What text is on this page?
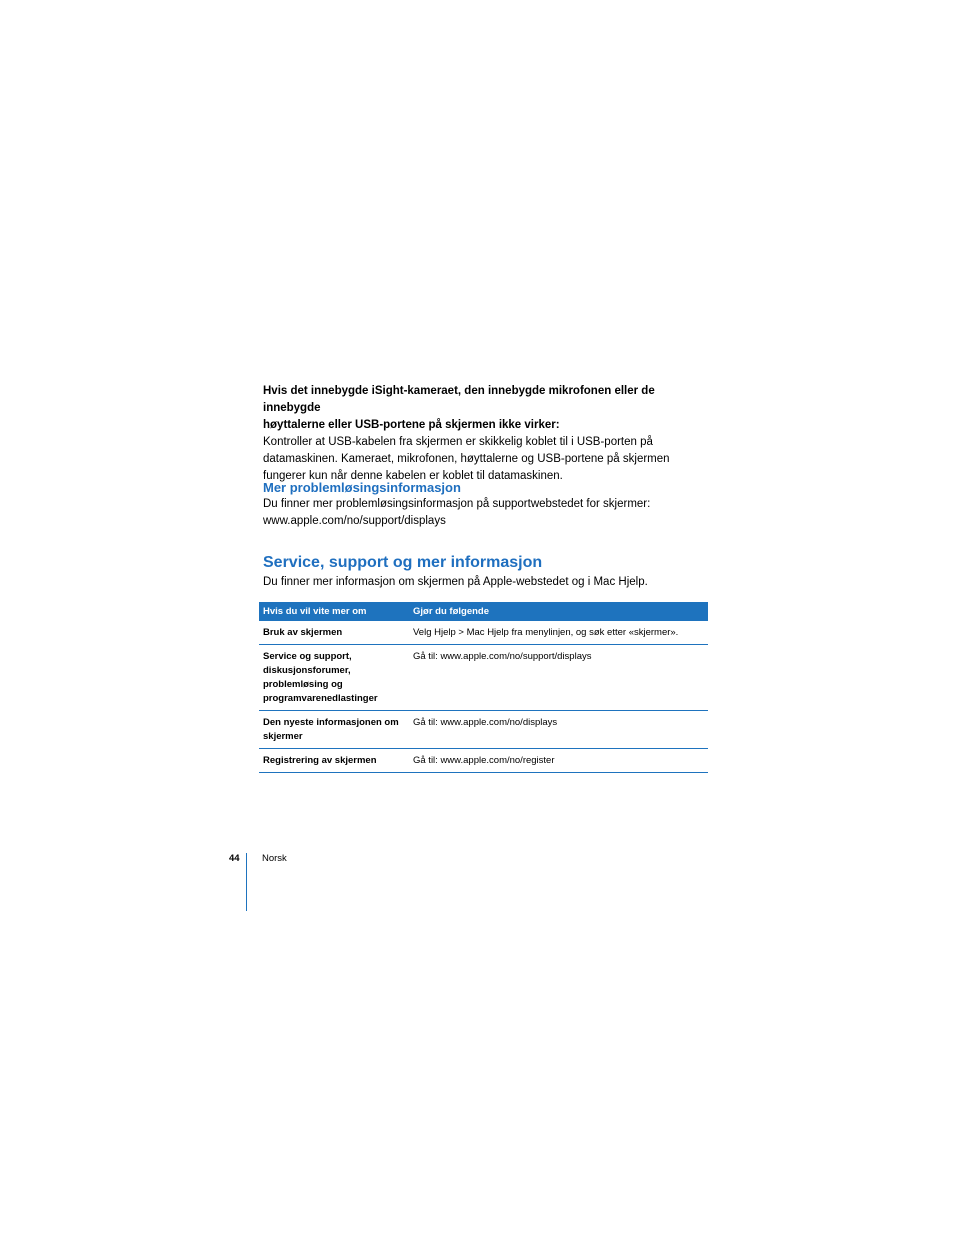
Hvis det innebygde iSight-kameraet, den innebygde mikrofonen eller de innebygde
høyttalerne eller USB-portene på skjermen ikke virker:

Kontroller at USB-kabelen fra skjermen er skikkelig koblet til i USB-porten på
datamaskinen. Kameraet, mikrofonen, høyttalerne og USB-portene på skjermen
fungerer kun når denne kabelen er koblet til datamaskinen.

Mer problemløsingsinformasjon

Du finner mer problemløsingsinformasjon på supportwebstedet for skjermer:
www.apple.com/no/support/displays

Service, support og mer informasjon

Du finner mer informasjon om skjermen på Apple-webstedet og i Mac Hjelp.

Hvis du vil vite mer om	Gjør du følgende
Bruk av skjermen	Velg Hjelp > Mac Hjelp fra menylinjen, og søk etter «skjermer».
Service og support,
diskusjonsforumer,
problemløsing og
programvarenedlastinger	Gå til: www.apple.com/no/support/displays
Den nyeste informasjonen om
skjermer	Gå til: www.apple.com/no/displays
Registrering av skjermen	Gå til: www.apple.com/no/register
44 Norsk
